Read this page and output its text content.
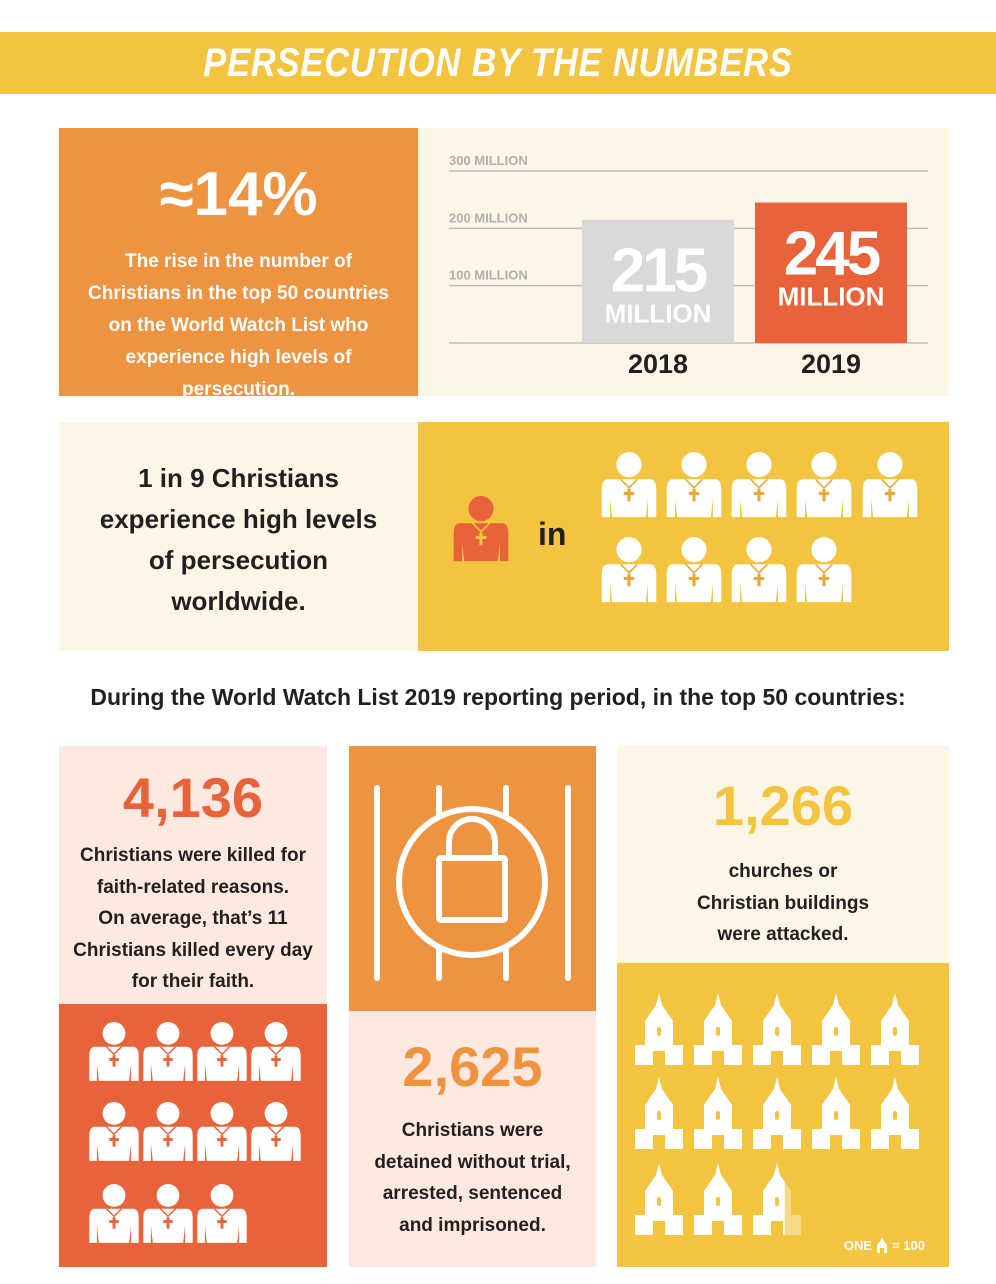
PERSECUTION BY THE NUMBERS
≈14%
The rise in the number of Christians in the top 50 countries on the World Watch List who experience high levels of persecution.
100 MILLION
200 MILLION
300 MILLION
215
MILLION
2018
245
MILLION
2019
1 in 9 Christians
experience high levels
of persecution
worldwide.
in
During the World Watch List 2019 reporting period, in the top 50 countries:
4,136
Christians were killed for
faith-related reasons.
On average, that’s 11
Christians killed every day
for their faith.
2,625
Christians were
detained without trial,
arrested, sentenced
and imprisoned.
1,266
churches or
Christian buildings
were attacked.
ONE = 100
